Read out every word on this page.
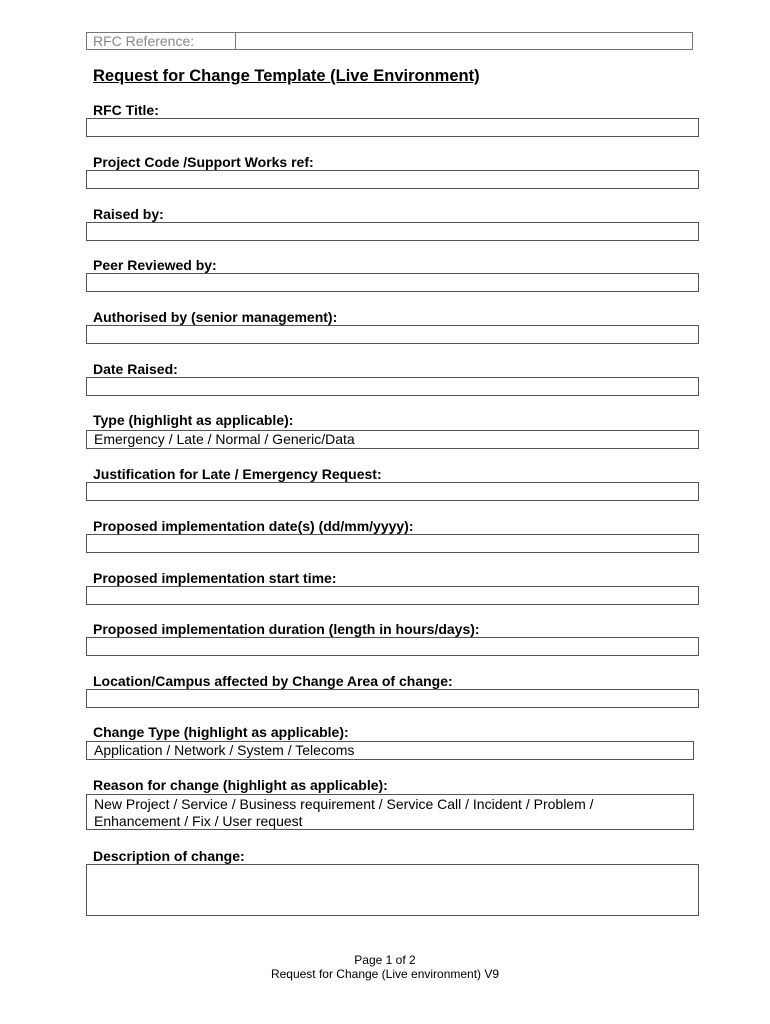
RFC Reference:
Request for Change Template (Live Environment)
RFC Title:
Project Code /Support Works ref:
Raised by:
Peer Reviewed by:
Authorised by (senior management):
Date Raised:
Type (highlight as applicable):
Emergency / Late / Normal / Generic/Data
Justification for Late / Emergency Request:
Proposed implementation date(s) (dd/mm/yyyy):
Proposed implementation start time:
Proposed implementation duration (length in hours/days):
Location/Campus affected by Change Area of change:
Change Type (highlight as applicable):
Application / Network / System / Telecoms
Reason for change (highlight as applicable):
New Project / Service / Business requirement / Service Call / Incident / Problem /
Enhancement / Fix / User request
Description of change:
Page 1 of 2
Request for Change (Live environment) V9
